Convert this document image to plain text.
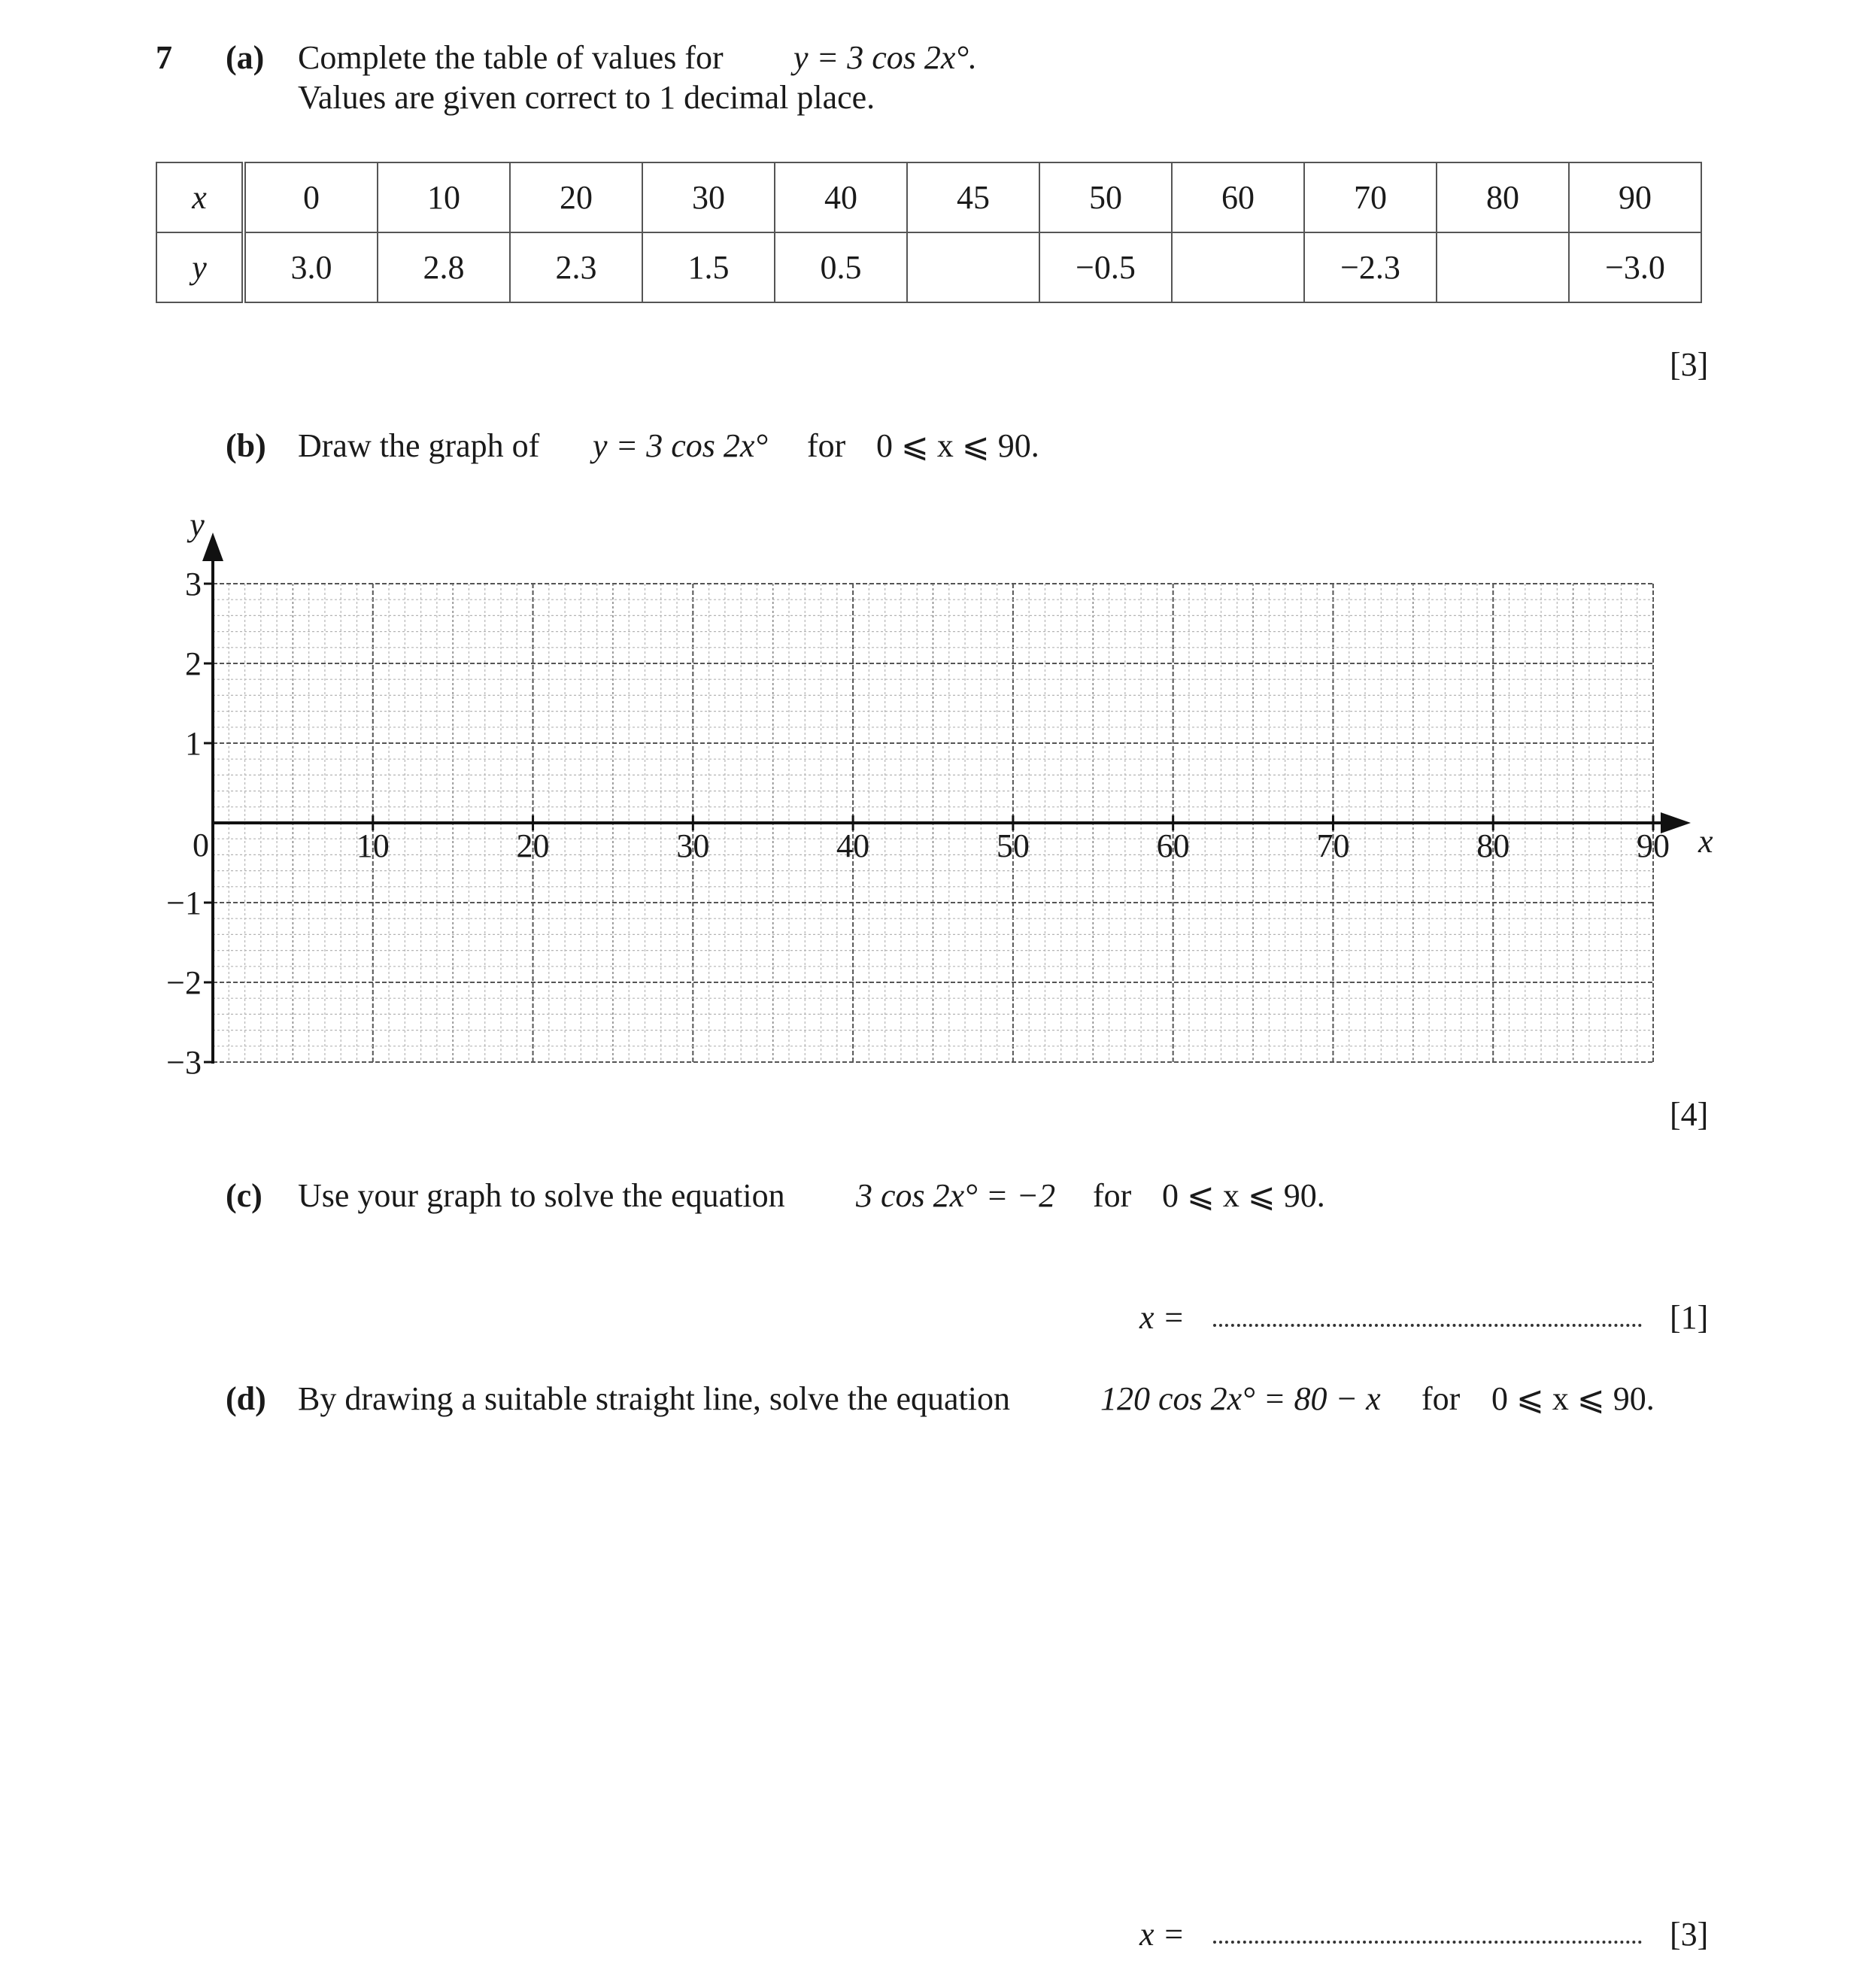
7 (a) Complete the table of values for y = 3 cos 2x°.
Values are given correct to 1 decimal place.
x	0	10	20	30	40	45	50	60	70	80	90
y	3.0	2.8	2.3	1.5	0.5		−0.5		−2.3		−3.0
[3]
(b) Draw the graph of y = 3 cos 2x° for 0 ⩽ x ⩽ 90.
y
x
3
2
1
0
−1
−2
−3
10	20	30	40	50	60	70	80	90
[4]
(c) Use your graph to solve the equation 3 cos 2x° = −2 for 0 ⩽ x ⩽ 90.
x =	[1]
(d) By drawing a suitable straight line, solve the equation	120 cos 2x° = 80 − x for 0 ⩽ x ⩽ 90.
x =	[3]
